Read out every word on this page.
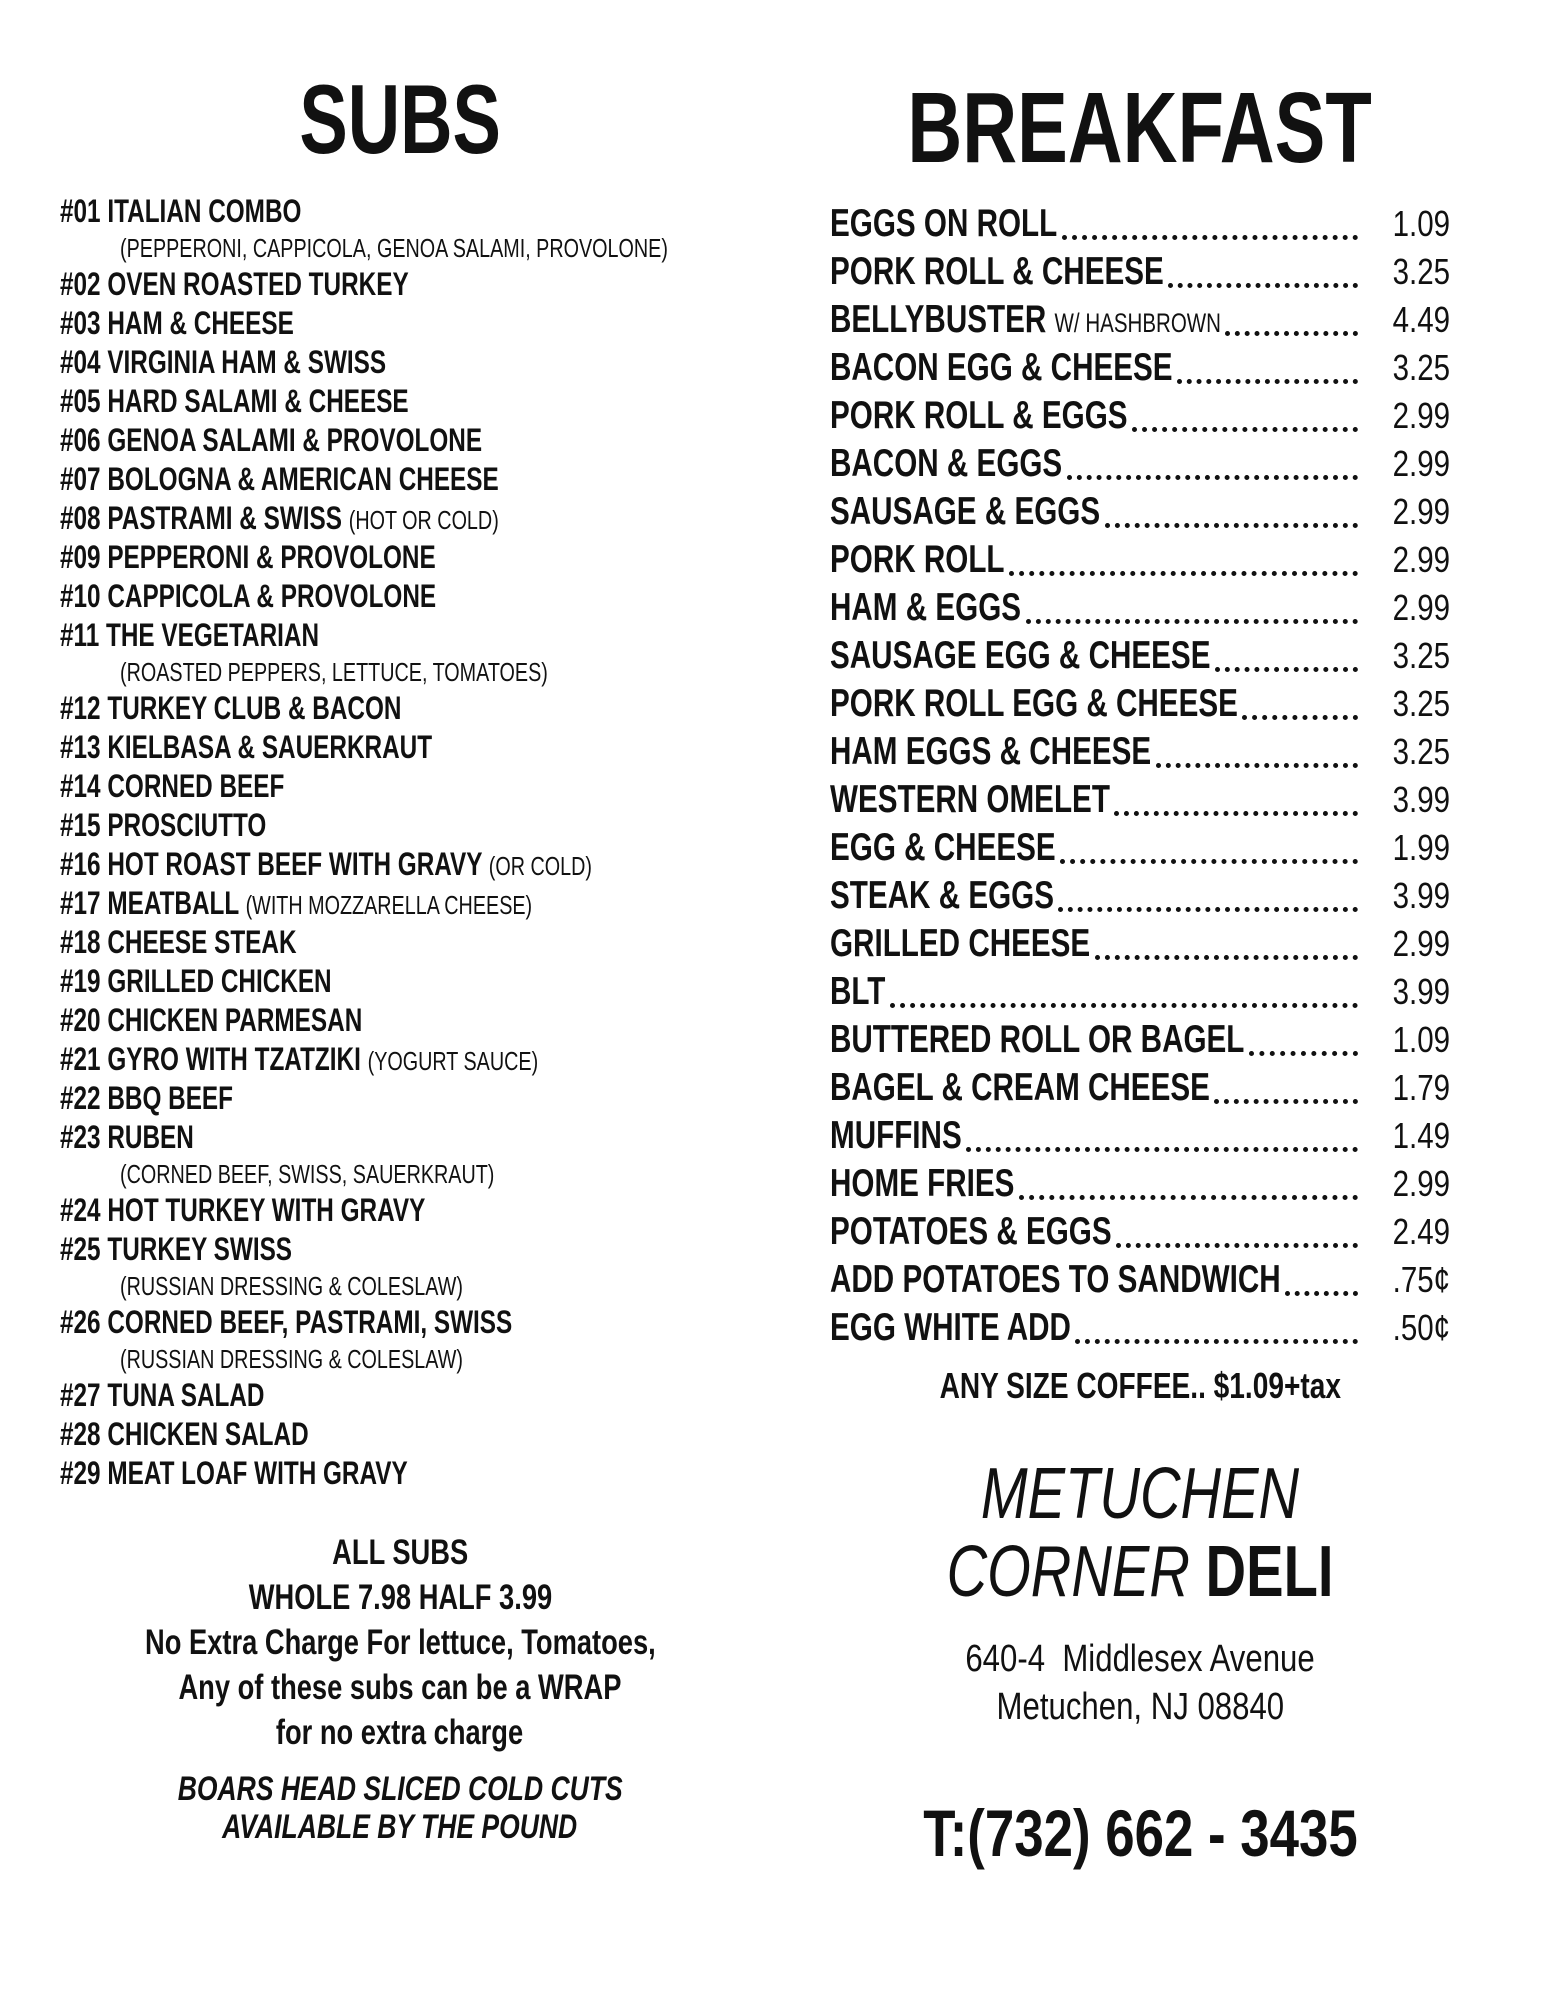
SUBS
#01 ITALIAN COMBO
(PEPPERONI, CAPPICOLA, GENOA SALAMI, PROVOLONE)
#02 OVEN ROASTED TURKEY
#03 HAM & CHEESE
#04 VIRGINIA HAM & SWISS
#05 HARD SALAMI & CHEESE
#06 GENOA SALAMI & PROVOLONE
#07 BOLOGNA & AMERICAN CHEESE
#08 PASTRAMI & SWISS (HOT OR COLD)
#09 PEPPERONI & PROVOLONE
#10 CAPPICOLA & PROVOLONE
#11 THE VEGETARIAN
(ROASTED PEPPERS, LETTUCE, TOMATOES)
#12 TURKEY CLUB & BACON
#13 KIELBASA & SAUERKRAUT
#14 CORNED BEEF
#15 PROSCIUTTO
#16 HOT ROAST BEEF WITH GRAVY (OR COLD)
#17 MEATBALL (WITH MOZZARELLA CHEESE)
#18 CHEESE STEAK
#19 GRILLED CHICKEN
#20 CHICKEN PARMESAN
#21 GYRO WITH TZATZIKI (YOGURT SAUCE)
#22 BBQ BEEF
#23 RUBEN
(CORNED BEEF, SWISS, SAUERKRAUT)
#24 HOT TURKEY WITH GRAVY
#25 TURKEY SWISS
(RUSSIAN DRESSING & COLESLAW)
#26 CORNED BEEF, PASTRAMI, SWISS
(RUSSIAN DRESSING & COLESLAW)
#27 TUNA SALAD
#28 CHICKEN SALAD
#29 MEAT LOAF WITH GRAVY
ALL SUBS
WHOLE 7.98 HALF 3.99
No Extra Charge For lettuce, Tomatoes,
Any of these subs can be a WRAP
for no extra charge
BOARS HEAD SLICED COLD CUTS
AVAILABLE BY THE POUND
BREAKFAST
EGGS ON ROLL	1.09
PORK ROLL & CHEESE	3.25
BELLYBUSTER W/ HASHBROWN	4.49
BACON EGG & CHEESE	3.25
PORK ROLL & EGGS	2.99
BACON & EGGS	2.99
SAUSAGE & EGGS	2.99
PORK ROLL	2.99
HAM & EGGS	2.99
SAUSAGE EGG & CHEESE	3.25
PORK ROLL EGG & CHEESE	3.25
HAM EGGS & CHEESE	3.25
WESTERN OMELET	3.99
EGG & CHEESE	1.99
STEAK & EGGS	3.99
GRILLED CHEESE	2.99
BLT	3.99
BUTTERED ROLL OR BAGEL	1.09
BAGEL & CREAM CHEESE	1.79
MUFFINS	1.49
HOME FRIES	2.99
POTATOES & EGGS	2.49
ADD POTATOES TO SANDWICH	.75¢
EGG WHITE ADD	.50¢
ANY SIZE COFFEE.. $1.09+tax
METUCHEN
CORNER DELI
640-4  Middlesex Avenue
Metuchen, NJ 08840
T:(732) 662 - 3435
